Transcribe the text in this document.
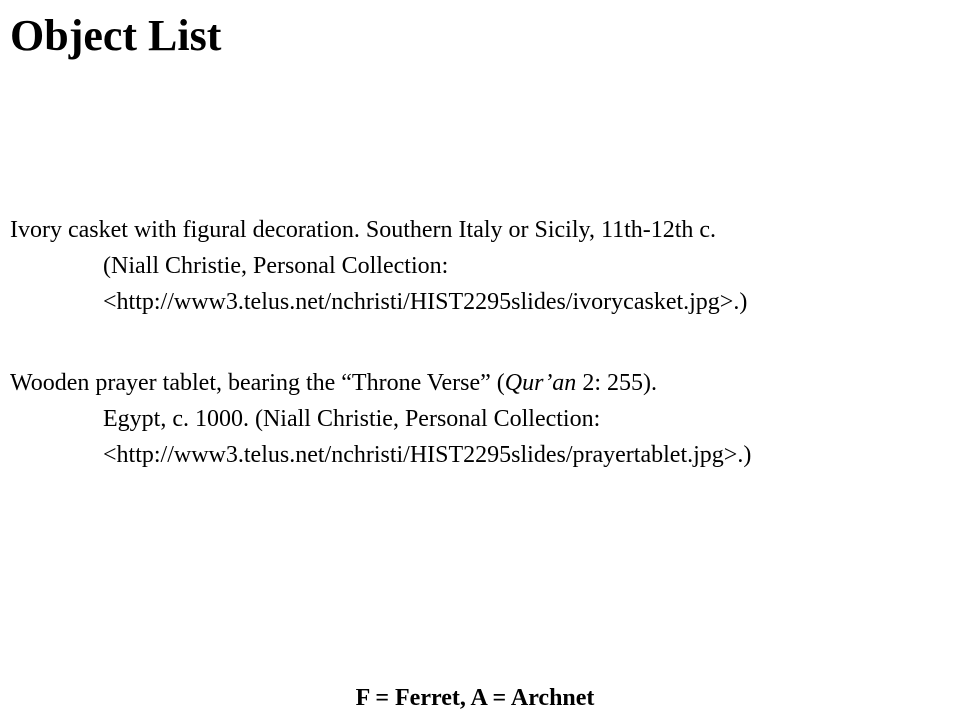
Object List
Ivory casket with figural decoration. Southern Italy or Sicily, 11th-12th c.
(Niall Christie, Personal Collection:
<http://www3.telus.net/nchristi/HIST2295slides/ivorycasket.jpg>.)
Wooden prayer tablet, bearing the “Throne Verse” (Qur’an 2: 255).
Egypt, c. 1000. (Niall Christie, Personal Collection:
<http://www3.telus.net/nchristi/HIST2295slides/prayertablet.jpg>.)

F = Ferret, A = Archnet
